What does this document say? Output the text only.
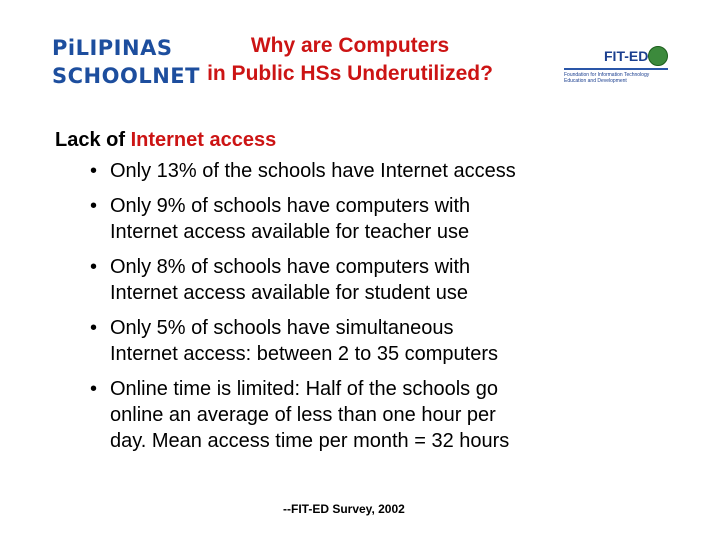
PiLIPINAS
SCHOOLNET
Why are Computers
in Public HSs Underutilized?
FIT-ED
Foundation for Information Technology Education and Development
Lack of Internet access
• Only 13% of the schools have Internet access
• Only 9% of schools have computers with
Internet access available for teacher use
• Only 8% of schools have computers with
Internet access available for student use
• Only 5% of schools have simultaneous
Internet access: between 2 to 35 computers
• Online time is limited: Half of the schools go
online an average of less than one hour per
day. Mean access time per month = 32 hours
--FIT-ED Survey, 2002
